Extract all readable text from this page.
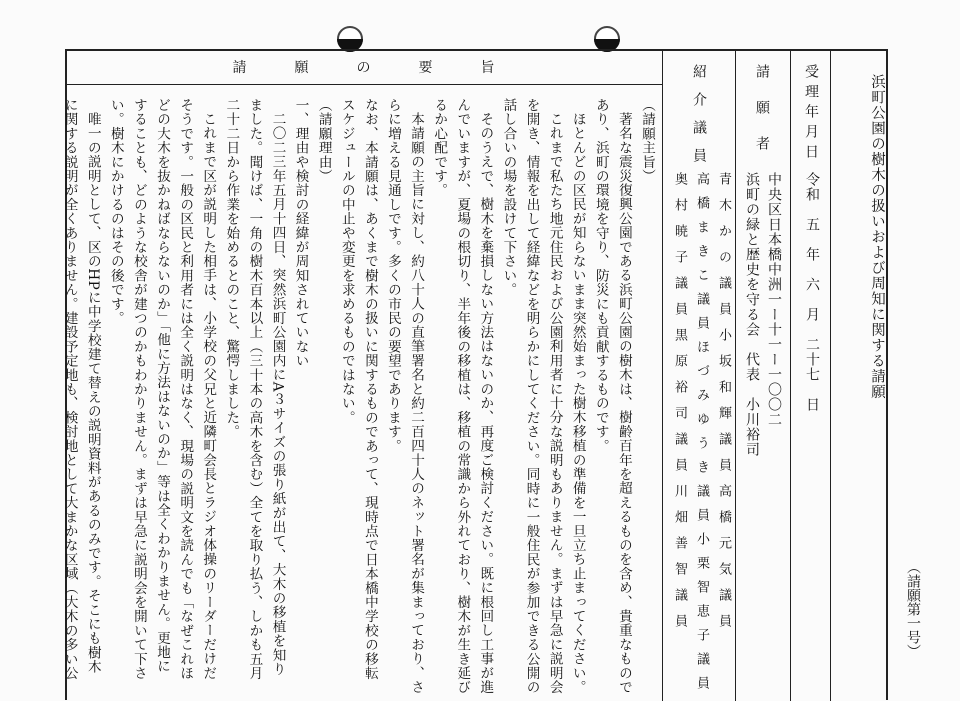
請	願	の	要	旨
浜町公園の樹木の扱いおよび周知に関する請願
（請願第一号）
受理年月日
令和　五　年　六　月　二十七　日
請願者
中央区日本橋中洲一ー十一ー一〇〇二
浜町の緑と歴史を守る会　代表　小川裕司
紹介議員
青　木　か　の　議　員　小　坂　和　輝　議　員　高　橋　元　気　議　員
高　橋　ま　き　こ　議　員　ほ　づ　み　ゆ　う　き　議　員　小　栗　智　恵　子　議　員
奥　村　暁　子　議　員　黒　原　裕　司　議　員　川　畑　善　智　議　員

（請願主旨）

著名な震災復興公園である浜町公園の樹木は、樹齢百年を超えるものを含め、貴重なもので

あり、浜町の環境を守り、防災にも貢献するものです。

ほとんどの区民が知らないまま突然始まった樹木移植の準備を一旦立ち止まってください。

これまで私たち地元住民および公園利用者に十分な説明もありません。まずは早急に説明会

を開き、情報を出して経緯などを明らかにしてください。同時に一般住民が参加できる公開の

話し合いの場を設けて下さい。

そのうえで、樹木を棄損しない方法はないのか、再度ご検討ください。既に根回し工事が進

んでいますが、夏場の根切り、半年後の移植は、移植の常識から外れており、樹木が生き延び

るか心配です。

本請願の主旨に対し、約八十人の直筆署名と約二百四十人のネット署名が集まっており、さ

らに増える見通しです。多くの市民の要望であります。

なお、本請願は、あくまで樹木の扱いに関するものであって、現時点で日本橋中学校の移転

スケジュールの中止や変更を求めるものではない。

（請願理由）

一、理由や検討の経緯が周知されていない

二〇二三年五月十四日、突然浜町公園内にA３サイズの張り紙が出て、大木の移植を知り

ました。聞けば、一角の樹木百本以上（三十本の高木を含む）全てを取り払う、しかも五月

二十二日から作業を始めるとのこと、驚愕しました。

これまで区が説明した相手は、小学校の父兄と近隣町会長とラジオ体操のリーダーだけだ

そうです。一般の区民と利用者には全く説明はなく、現場の説明文を読んでも「なぜこれほ

どの大木を抜かねばならないのか」「他に方法はないのか」等は全くわかりません。更地に

することも、どのような校舎が建つのかもわかりません。まずは早急に説明会を開いて下さ

い。樹木にかけるのはその後です。

唯一の説明として、区のHPに中学校建て替えの説明資料があるのみです。そこにも樹木

に関する説明が全くありません。建設予定地も、検討地として大まかな区域（大木の多い公
